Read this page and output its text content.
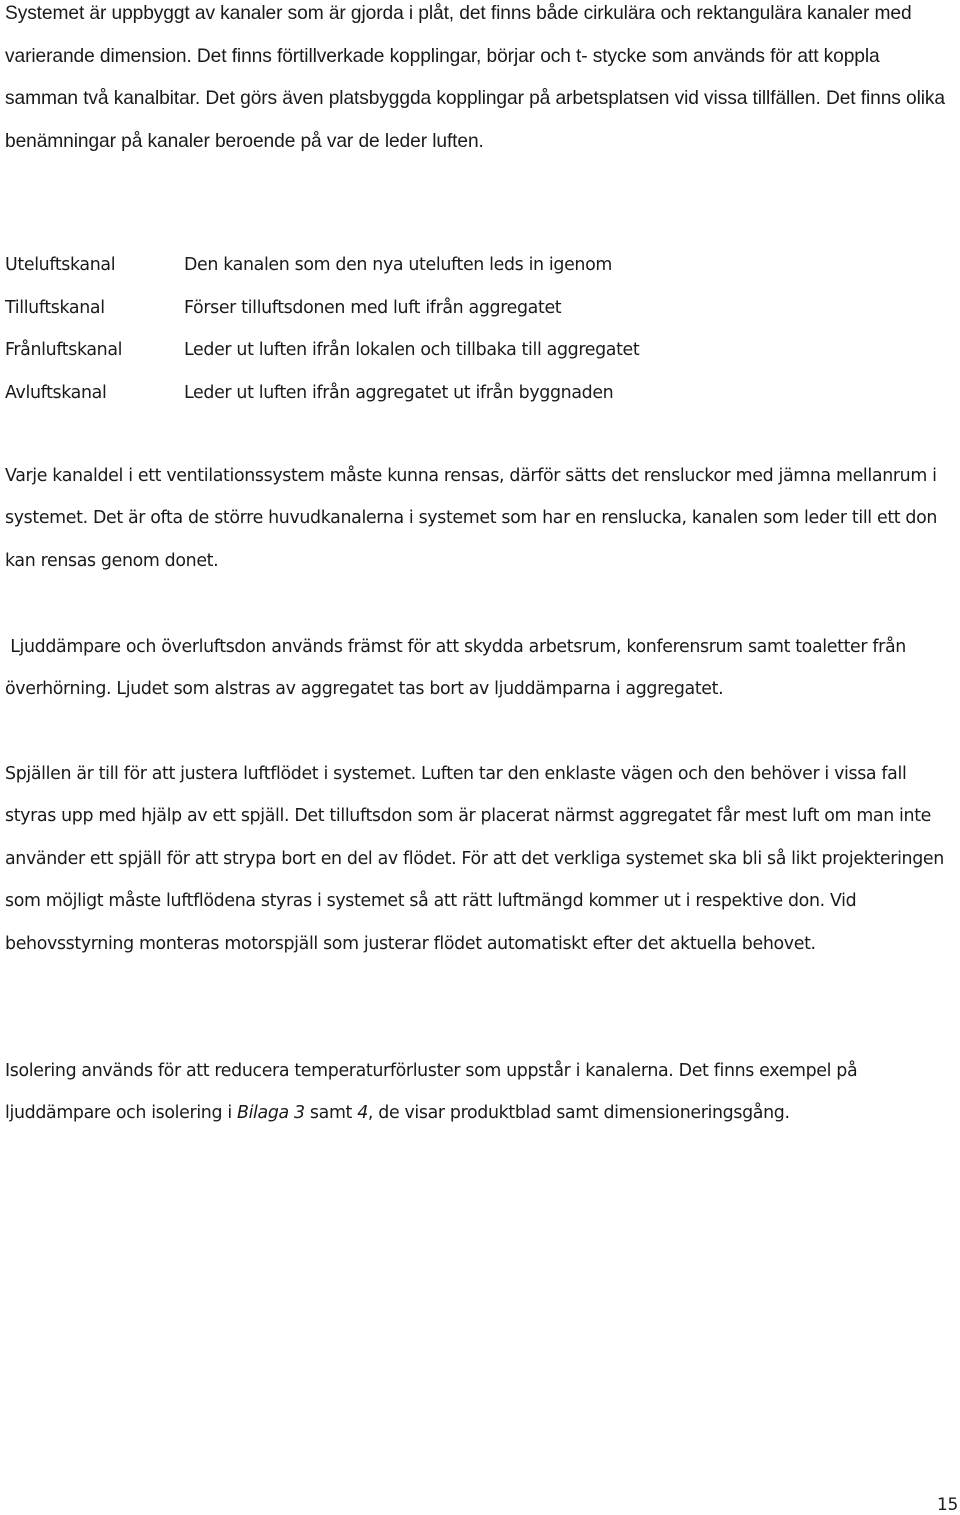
Systemet är uppbyggt av kanaler som är gjorda i plåt, det finns både cirkulära och rektangulära kanaler med varierande dimension. Det finns förtillverkade kopplingar, börjar och t- stycke som används för att koppla samman två kanalbitar. Det görs även platsbyggda kopplingar på arbetsplatsen vid vissa tillfällen. Det finns olika benämningar på kanaler beroende på var de leder luften.

Uteluftskanal	Den kanalen som den nya uteluften leds in igenom
Tilluftskanal	Förser tilluftsdonen med luft ifrån aggregatet
Frånluftskanal	Leder ut luften ifrån lokalen och tillbaka till aggregatet
Avluftskanal	Leder ut luften ifrån aggregatet ut ifrån byggnaden

Varje kanaldel i ett ventilationssystem måste kunna rensas, därför sätts det rensluckor med jämna mellanrum i systemet. Det är ofta de större huvudkanalerna i systemet som har en renslucka, kanalen som leder till ett don kan rensas genom donet.

Ljuddämpare och överluftsdon används främst för att skydda arbetsrum, konferensrum samt toaletter från överhörning. Ljudet som alstras av aggregatet tas bort av ljuddämparna i aggregatet.

Spjällen är till för att justera luftflödet i systemet. Luften tar den enklaste vägen och den behöver i vissa fall styras upp med hjälp av ett spjäll. Det tilluftsdon som är placerat närmst aggregatet får mest luft om man inte använder ett spjäll för att strypa bort en del av flödet. För att det verkliga systemet ska bli så likt projekteringen som möjligt måste luftflödena styras i systemet så att rätt luftmängd kommer ut i respektive don. Vid behovsstyrning monteras motorspjäll som justerar flödet automatiskt efter det aktuella behovet.

Isolering används för att reducera temperaturförluster som uppstår i kanalerna. Det finns exempel på ljuddämpare och isolering i Bilaga 3 samt 4, de visar produktblad samt dimensioneringsgång.

15
